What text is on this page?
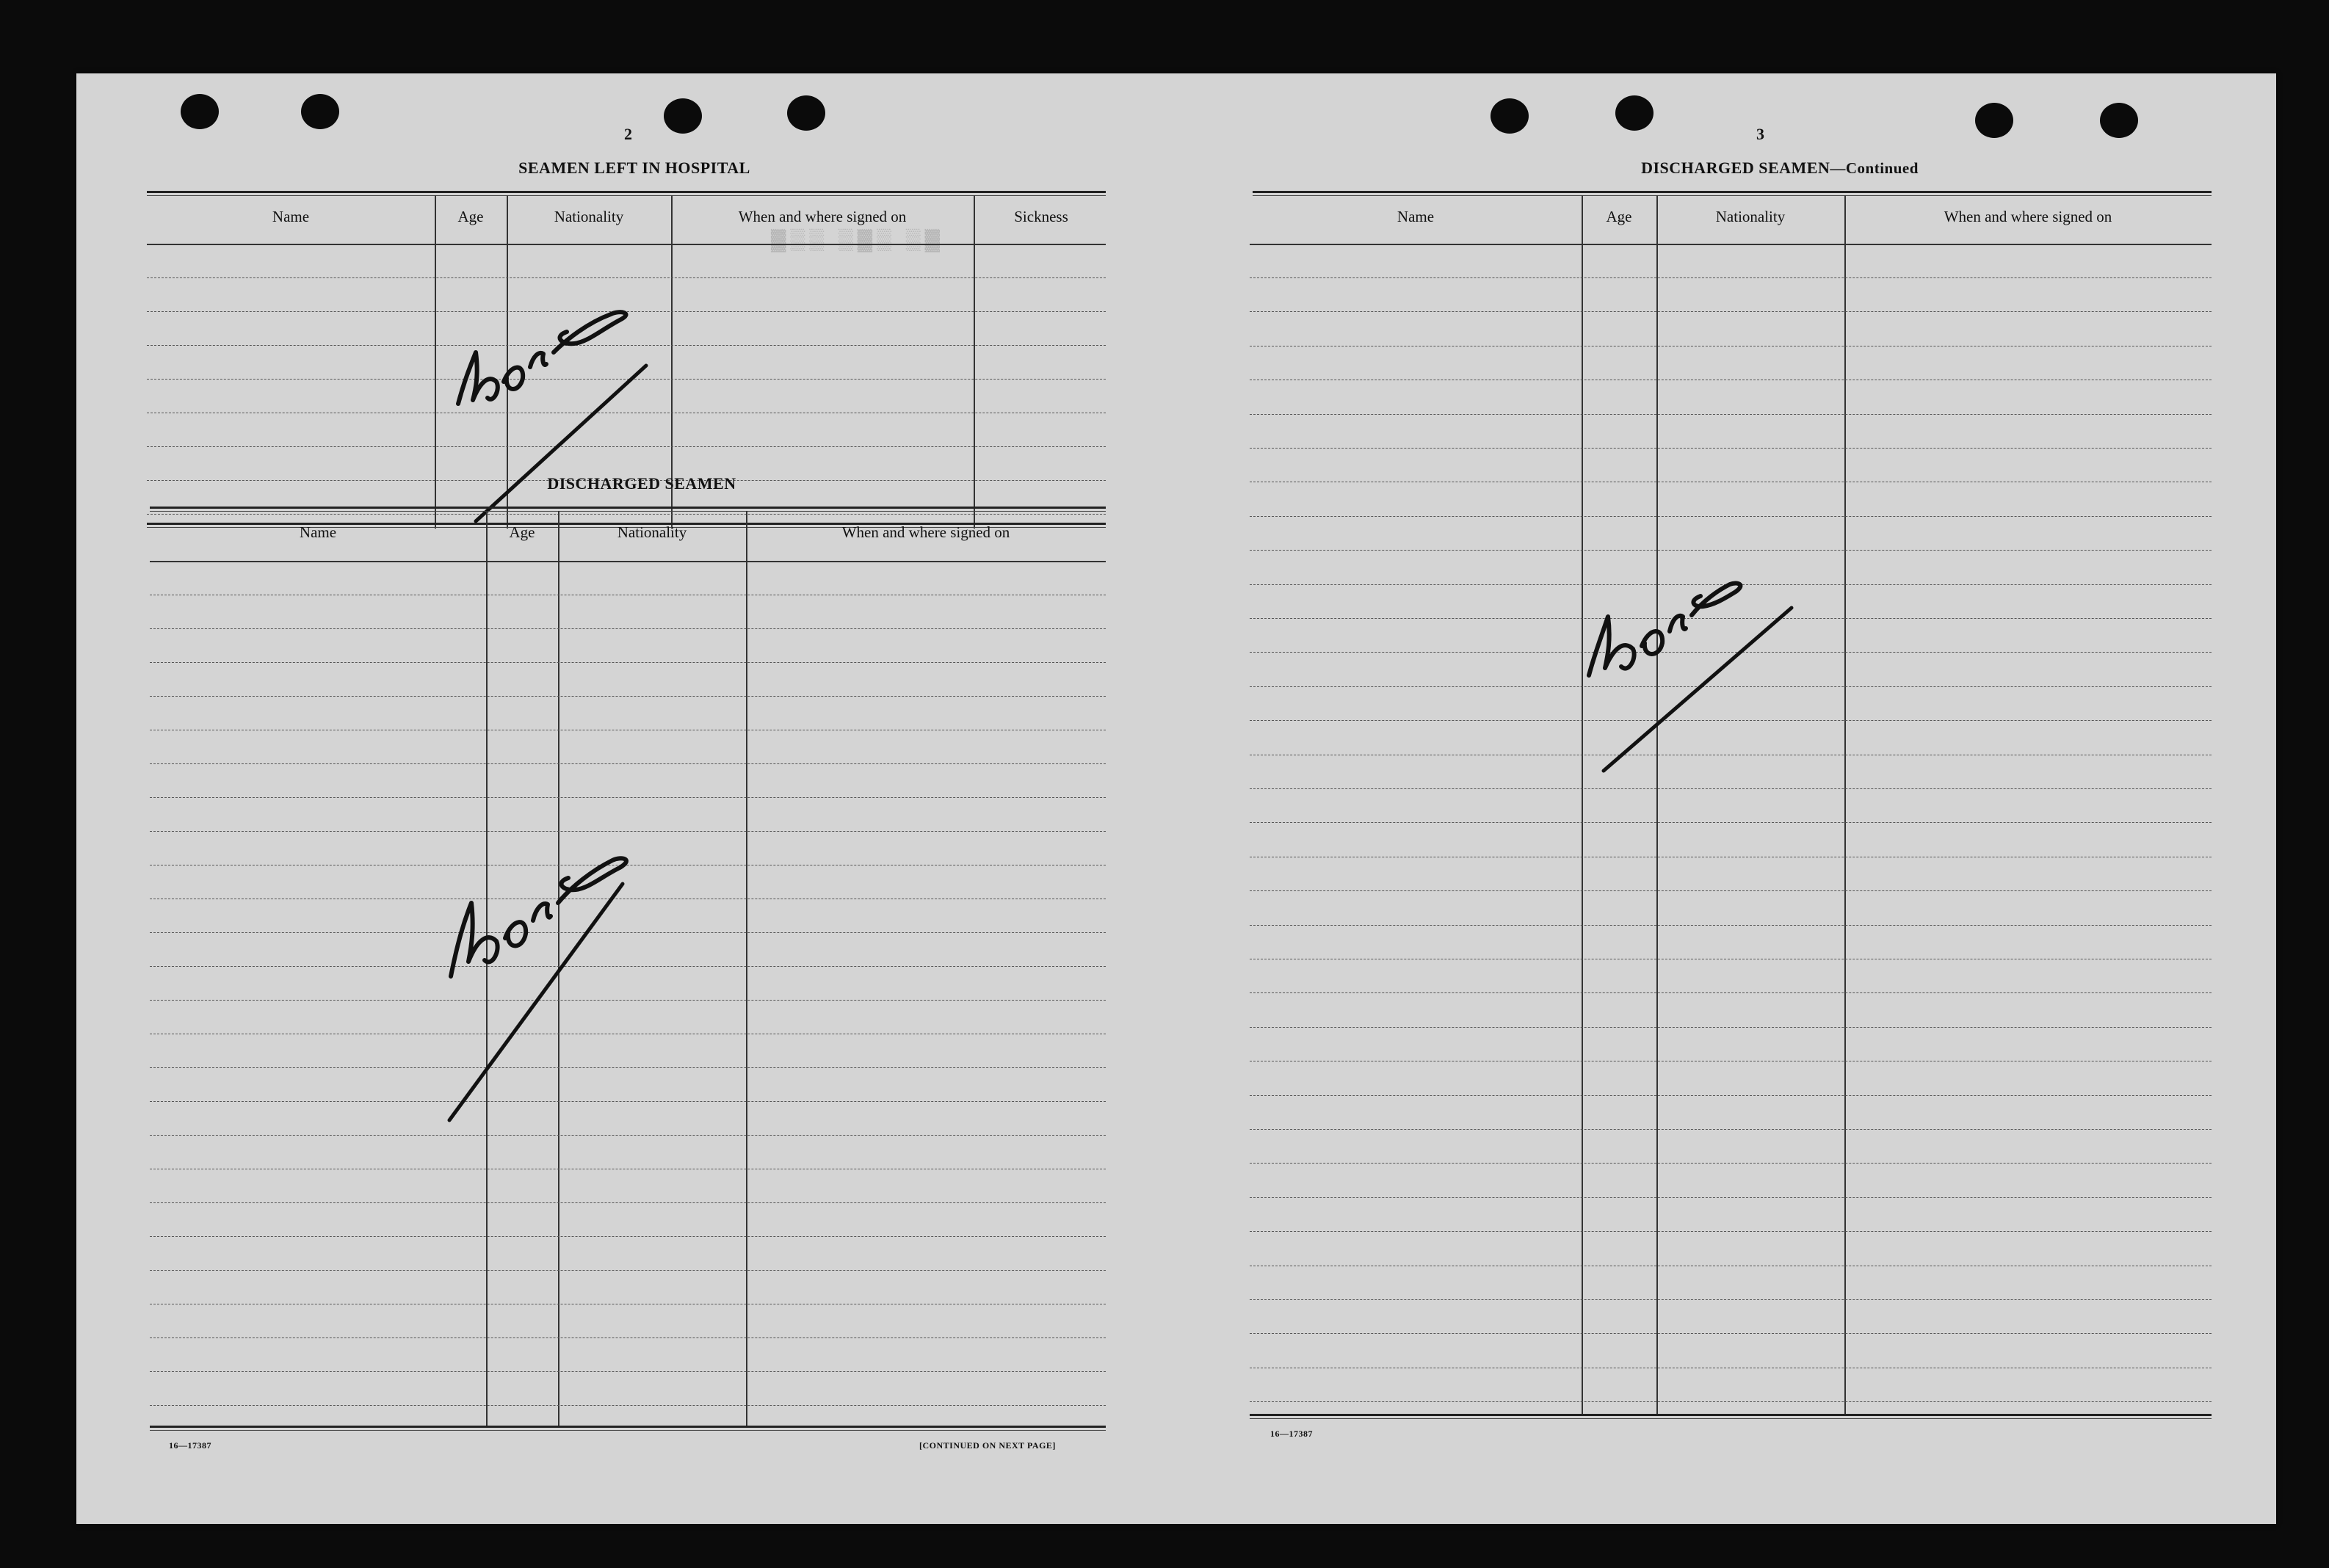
▓▒ ▒▓▒ ▒▒▓
2
SEAMEN LEFT IN HOSPITAL
Name	Age	Nationality	When and where signed on	Sickness
None
DISCHARGED SEAMEN
Name	Age	Nationality	When and where signed on
None
16—17387	[CONTINUED ON NEXT PAGE]
3
DISCHARGED SEAMEN—Continued
Name	Age	Nationality	When and where signed on
None
16—17387
